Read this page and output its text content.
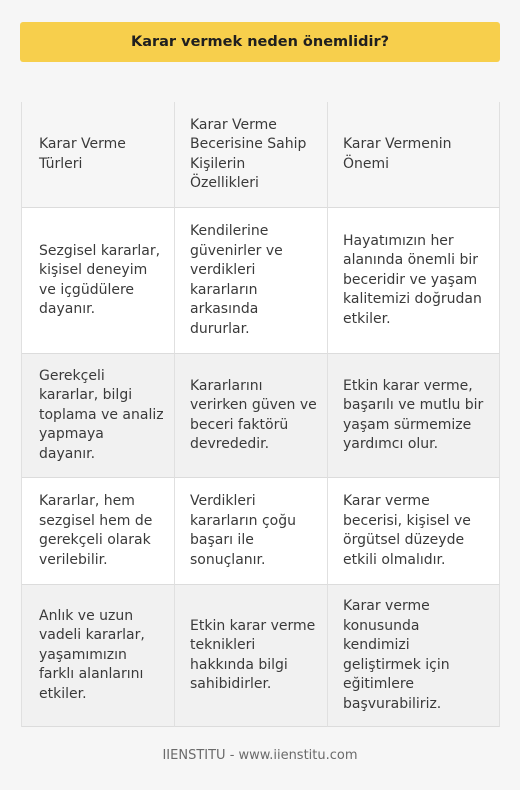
Karar vermek neden önemlidir?
Karar Verme Türleri
Karar Verme Becerisine Sahip Kişilerin Özellikleri
Karar Vermenin Önemi
Sezgisel kararlar, kişisel deneyim ve içgüdülere dayanır.
Kendilerine güvenirler ve verdikleri kararların arkasında dururlar.
Hayatımızın her alanında önemli bir beceridir ve yaşam kalitemizi doğrudan etkiler.
Gerekçeli kararlar, bilgi toplama ve analiz yapmaya dayanır.
Kararlarını verirken güven ve beceri faktörü devrededir.
Etkin karar verme, başarılı ve mutlu bir yaşam sürmemize yardımcı olur.
Kararlar, hem sezgisel hem de gerekçeli olarak verilebilir.
Verdikleri kararların çoğu başarı ile sonuçlanır.
Karar verme becerisi, kişisel ve örgütsel düzeyde etkili olmalıdır.
Anlık ve uzun vadeli kararlar, yaşamımızın farklı alanlarını etkiler.
Etkin karar verme teknikleri hakkında bilgi sahibidirler.
Karar verme konusunda kendimizi geliştirmek için eğitimlere başvurabiliriz.
IIENSTITU - www.iienstitu.com
